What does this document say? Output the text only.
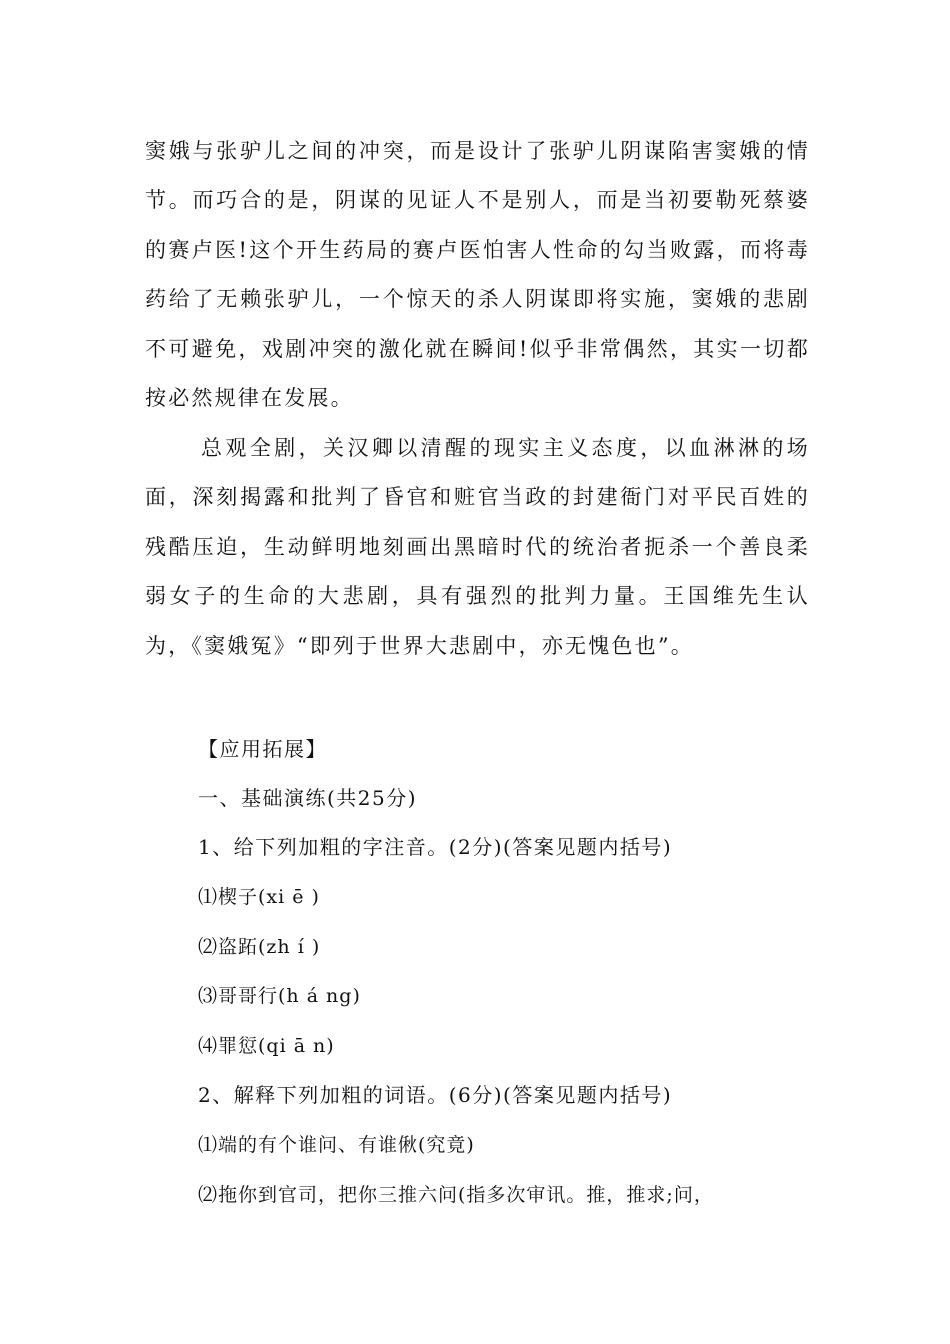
窦娥与张驴儿之间的冲突，而是设计了张驴儿阴谋陷害窦娥的情节。而巧合的是，阴谋的见证人不是别人，而是当初要勒死蔡婆的赛卢医!这个开生药局的赛卢医怕害人性命的勾当败露，而将毒药给了无赖张驴儿，一个惊天的杀人阴谋即将实施，窦娥的悲剧不可避免，戏剧冲突的激化就在瞬间!似乎非常偶然，其实一切都按必然规律在发展。

总观全剧，关汉卿以清醒的现实主义态度，以血淋淋的场面，深刻揭露和批判了昏官和赃官当政的封建衙门对平民百姓的残酷压迫，生动鲜明地刻画出黑暗时代的统治者扼杀一个善良柔弱女子的生命的大悲剧，具有强烈的批判力量。王国维先生认为，《窦娥冤》“即列于世界大悲剧中，亦无愧色也”。

【应用拓展】

一、基础演练(共25分)

1、给下列加粗的字注音。(2分)(答案见题内括号)

⑴楔子(xi ē )

⑵盗跖(zh í )

⑶哥哥行(h á ng)

⑷罪愆(qi ā n)

2、解释下列加粗的词语。(6分)(答案见题内括号)

⑴端的有个谁问、有谁偢(究竟)

⑵拖你到官司，把你三推六问(指多次审讯。推，推求;问，
